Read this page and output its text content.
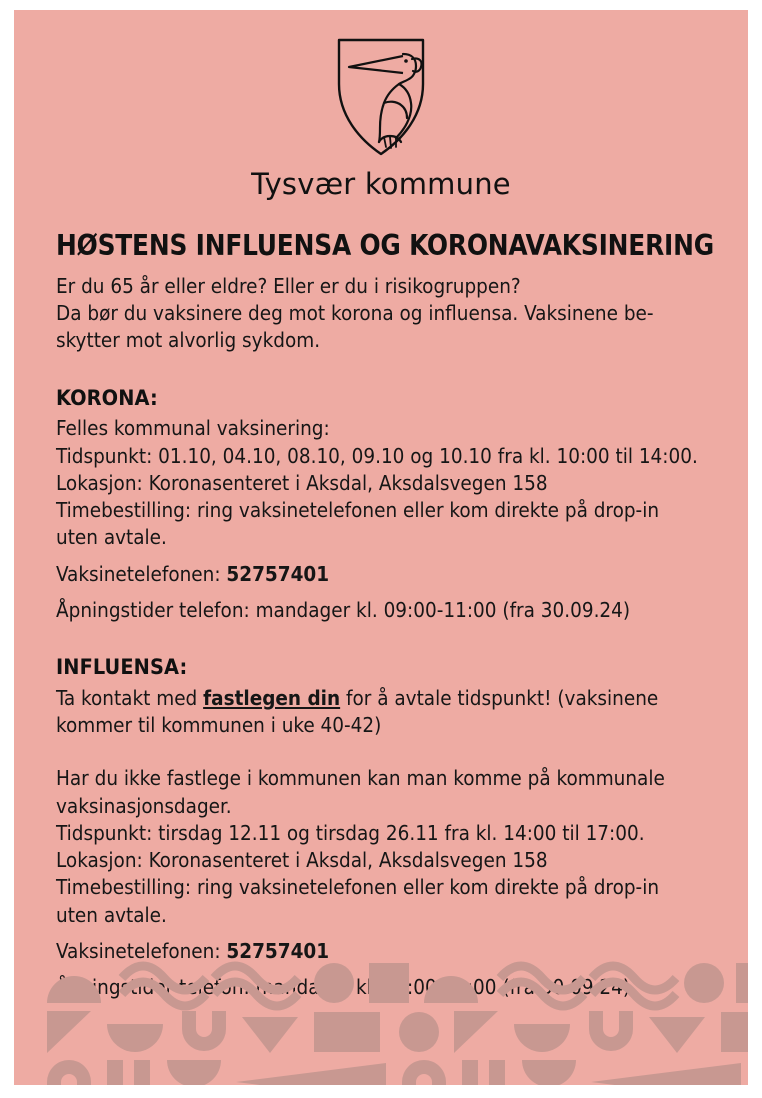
Tysvær kommune
HØSTENS INFLUENSA OG KORONAVAKSINERING

Er du 65 år eller eldre? Eller er du i risikogruppen?
Da bør du vaksinere deg mot korona og influensa. Vaksinene be-
skytter mot alvorlig sykdom.

KORONA:
Felles kommunal vaksinering:
Tidspunkt: 01.10, 04.10, 08.10, 09.10 og 10.10 fra kl. 10:00 til 14:00.
Lokasjon: Koronasenteret i Aksdal, Aksdalsvegen 158
Timebestilling: ring vaksinetelefonen eller kom direkte på drop-in
uten avtale.
Vaksinetelefonen: 52757401
Åpningstider telefon: mandager kl. 09:00-11:00 (fra 30.09.24)
INFLUENSA:
Ta kontakt med fastlegen din for å avtale tidspunkt! (vaksinene
kommer til kommunen i uke 40-42)
Har du ikke fastlege i kommunen kan man komme på kommunale
vaksinasjonsdager.
Tidspunkt: tirsdag 12.11 og tirsdag 26.11 fra kl. 14:00 til 17:00.
Lokasjon: Koronasenteret i Aksdal, Aksdalsvegen 158
Timebestilling: ring vaksinetelefonen eller kom direkte på drop-in
uten avtale.
Vaksinetelefonen: 52757401
Åpningstider mandager kl. (fra 30.09.24)
